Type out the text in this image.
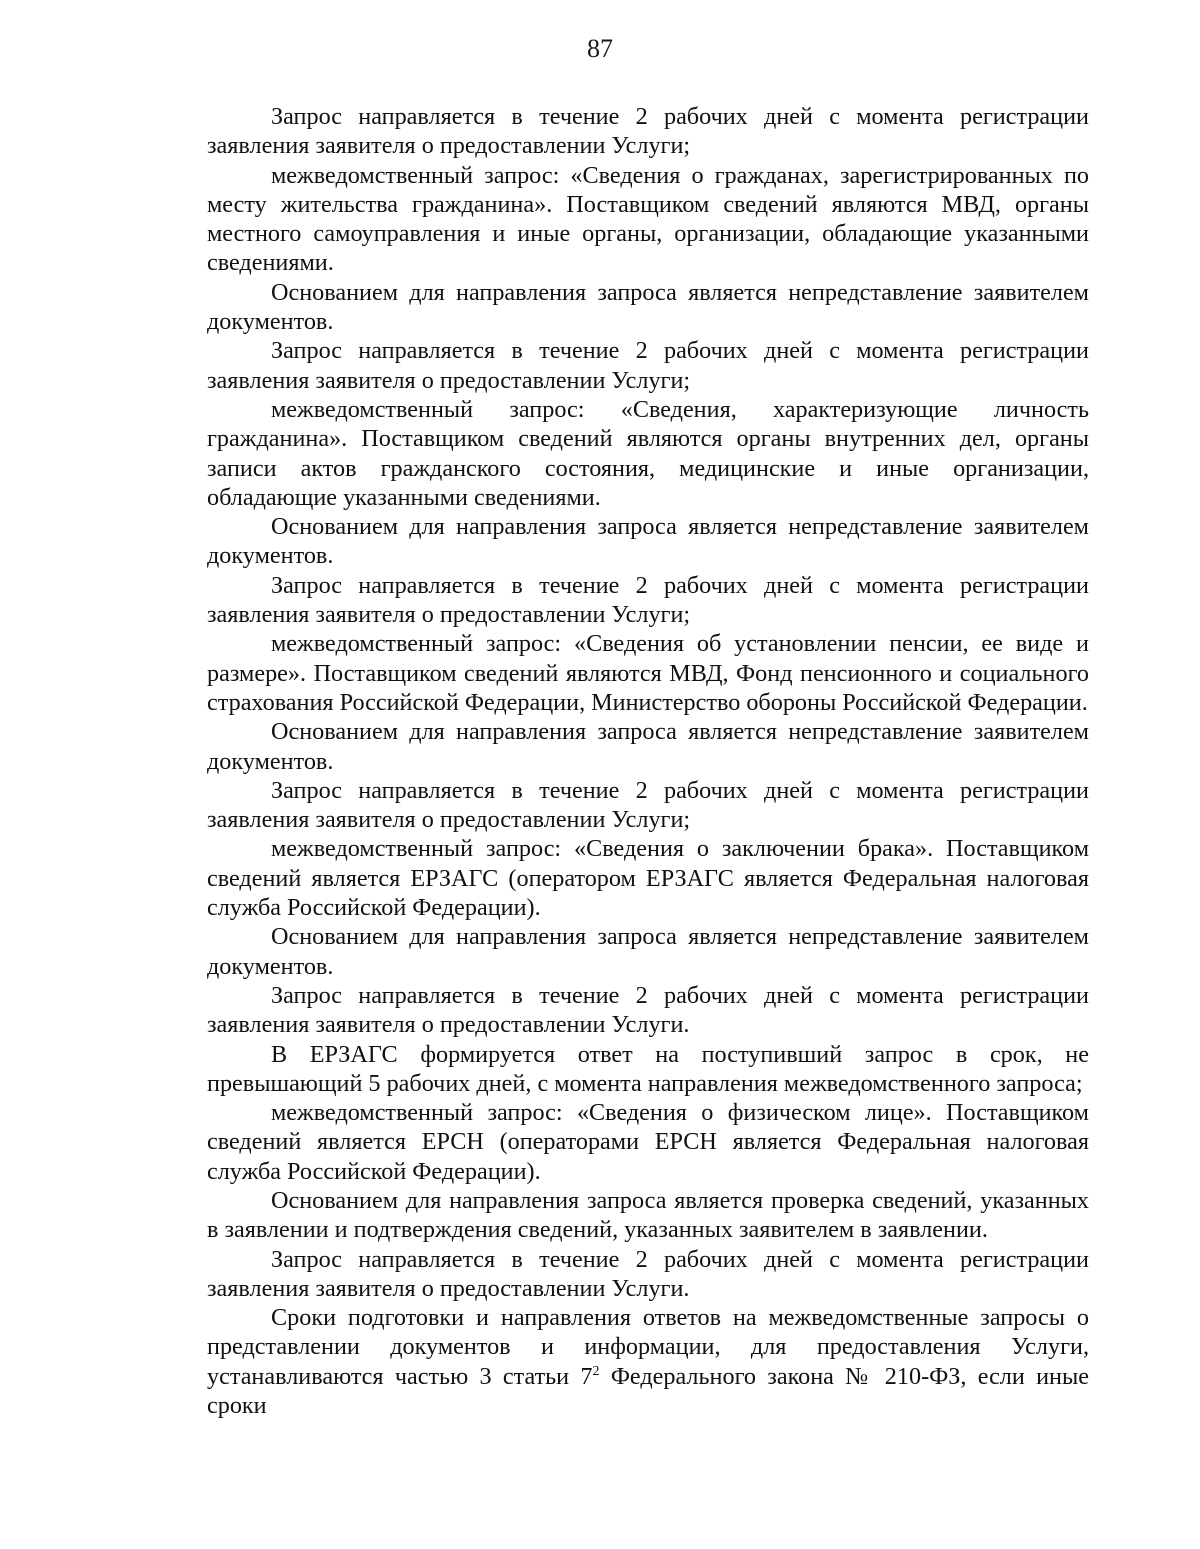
87

Запрос направляется в течение 2 рабочих дней с момента регистрации заявления заявителя о предоставлении Услуги;

межведомственный запрос: «Сведения о гражданах, зарегистрированных по месту жительства гражданина». Поставщиком сведений являются МВД, органы местного самоуправления и иные органы, организации, обладающие указанными сведениями.

Основанием для направления запроса является непредставление заявителем документов.

Запрос направляется в течение 2 рабочих дней с момента регистрации заявления заявителя о предоставлении Услуги;

межведомственный запрос: «Сведения, характеризующие личность гражданина». Поставщиком сведений являются органы внутренних дел, органы записи актов гражданского состояния, медицинские и иные организации, обладающие указанными сведениями.

Основанием для направления запроса является непредставление заявителем документов.

Запрос направляется в течение 2 рабочих дней с момента регистрации заявления заявителя о предоставлении Услуги;

межведомственный запрос: «Сведения об установлении пенсии, ее виде и размере». Поставщиком сведений являются МВД, Фонд пенсионного и социального страхования Российской Федерации, Министерство обороны Российской Федерации.

Основанием для направления запроса является непредставление заявителем документов.

Запрос направляется в течение 2 рабочих дней с момента регистрации заявления заявителя о предоставлении Услуги;

межведомственный запрос: «Сведения о заключении брака». Поставщиком сведений является ЕРЗАГС (оператором ЕРЗАГС является Федеральная налоговая служба Российской Федерации).

Основанием для направления запроса является непредставление заявителем документов.

Запрос направляется в течение 2 рабочих дней с момента регистрации заявления заявителя о предоставлении Услуги.

В ЕРЗАГС формируется ответ на поступивший запрос в срок, не превышающий 5 рабочих дней, с момента направления межведомственного запроса;

межведомственный запрос: «Сведения о физическом лице». Поставщиком сведений является ЕРСН (операторами ЕРСН является Федеральная налоговая служба Российской Федерации).

Основанием для направления запроса является проверка сведений, указанных в заявлении и подтверждения сведений, указанных заявителем в заявлении.

Запрос направляется в течение 2 рабочих дней с момента регистрации заявления заявителя о предоставлении Услуги.

Сроки подготовки и направления ответов на межведомственные запросы о представлении документов и информации, для предоставления Услуги, устанавливаются частью 3 статьи $7^2$ Федерального закона № 210-ФЗ, если иные сроки
